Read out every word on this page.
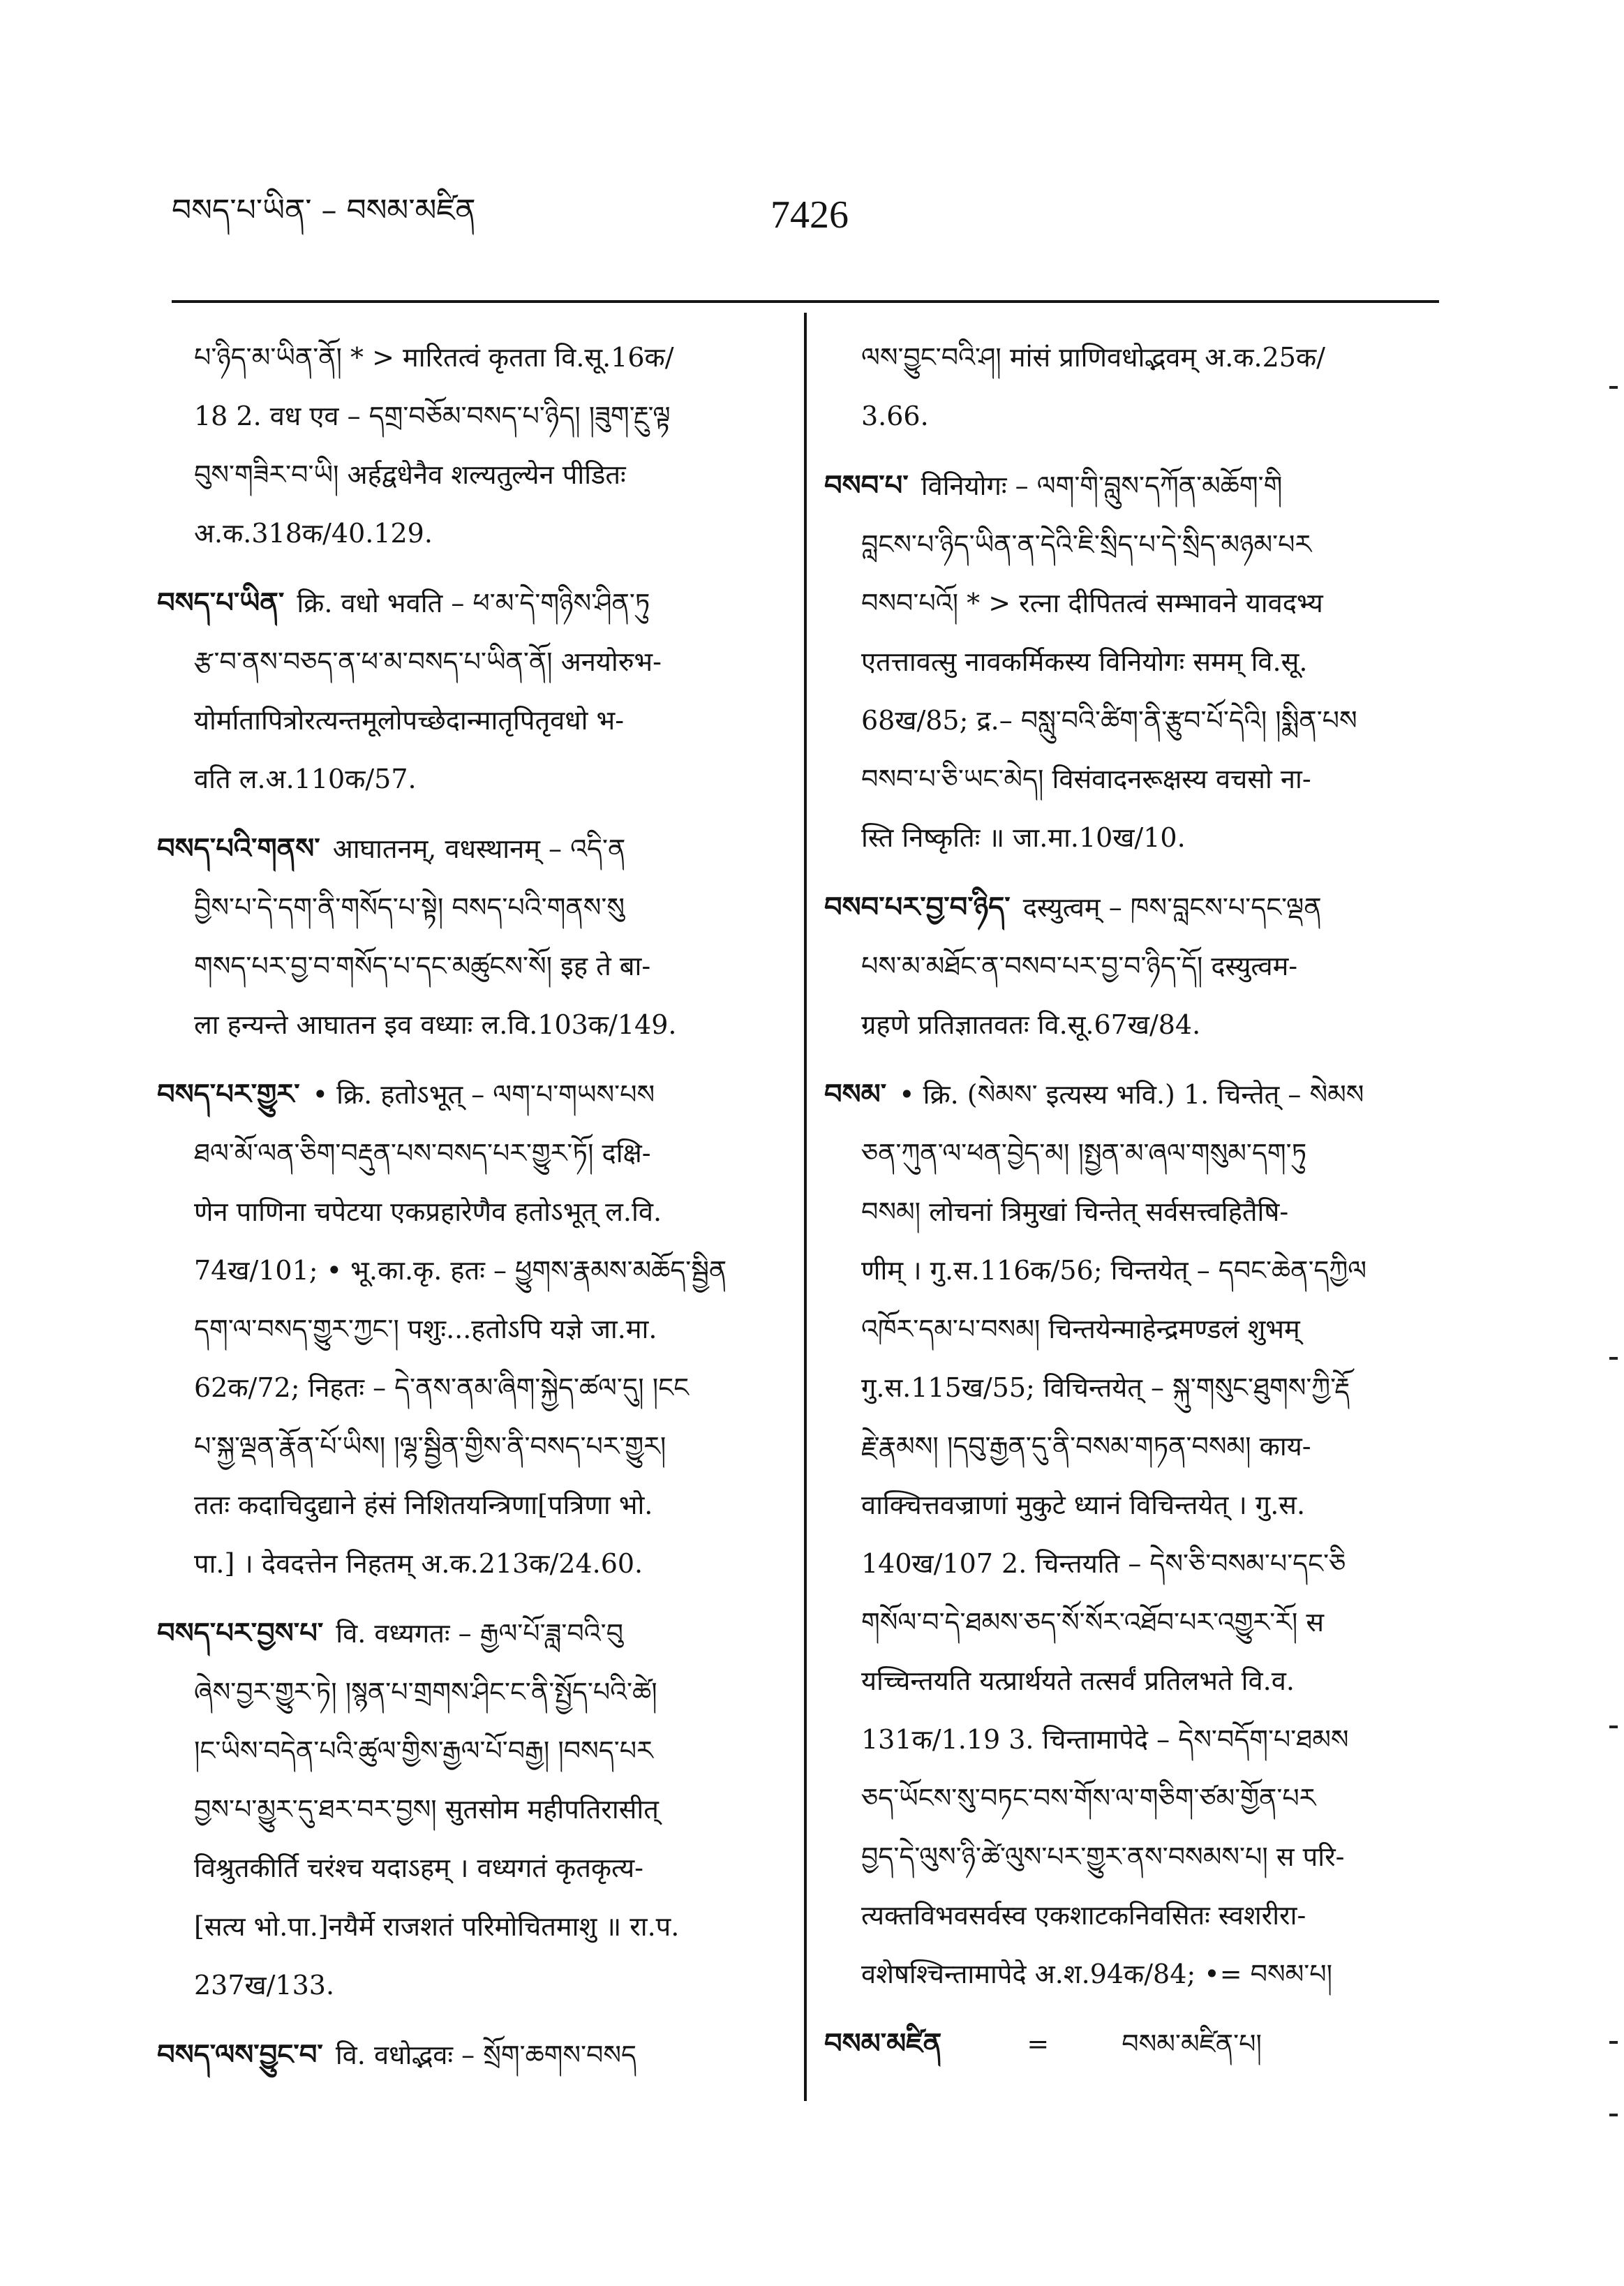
བསད་པ་ཡིན་ – བསམ་མཛིན	7426
པ་ཉིད་མ་ཡིན་ནོ། * > मारितत्वं कृतता वि.सू.16क/
18 2. वध एव – དགྲ་བཅོམ་བསད་པ་ཉིད། །ཟུག་རྔུ་ལྟ
བུས་གཟིར་བ་ཡི། अर्हद्वधेनैव शल्यतुल्येन पीडितः
अ.क.318क/40.129.
བསད་པ་ཡིན་ क्रि. वधो भवति – ཕ་མ་དེ་གཉིས་ཤིན་ཏུ
རྩ་བ་ནས་བཅད་ན་ཕ་མ་བསད་པ་ཡིན་ནོ། अनयोरुभ-
योर्मातापित्रोरत्यन्तमूलोपच्छेदान्मातृपितृवधो भ-
वति ल.अ.110क/57.
བསད་པའི་གནས་ आघातनम्, वधस्थानम् – འདི་ན
བྱིས་པ་དེ་དག་ནི་གསོད་པ་སྟེ། བསད་པའི་གནས་སུ
གསད་པར་བྱ་བ་གསོད་པ་དང་མཚུངས་སོ། इह ते बा-
ला हन्यन्ते आघातन इव वध्याः ल.वि.103क/149.
བསད་པར་གྱུར་ • क्रि. हतोऽभूत् – ལག་པ་གཡས་པས
ཐལ་མོ་ལན་ཅིག་བརྡུན་པས་བསད་པར་གྱུར་ཏོ། दक्षि-
णेन पाणिना चपेटया एकप्रहारेणैव हतोऽभूत् ल.वि.
74ख/101; • भू.का.कृ. हतः – ཕྱུགས་རྣམས་མཆོད་སྦྱིན
དག་ལ་བསད་གྱུར་ཀྱང་། पशुः...हतोऽपि यज्ञे जा.मा.
62क/72; निहतः – དེ་ནས་ནམ་ཞིག་སྐྱེད་ཚལ་དུ། །ངང
པ་སྐྱ་ལྡན་རྣོན་པོ་ཡིས། །ལྷ་སྦྱིན་གྱིས་ནི་བསད་པར་གྱུར།
ततः कदाचिदुद्याने हंसं निशितयन्त्रिणा[पत्रिणा भो.
पा.] । देवदत्तेन निहतम् अ.क.213क/24.60.
བསད་པར་བྱས་པ་ वि. वध्यगतः – རྒྱལ་པོ་ཟླ་བའི་བུ
ཞེས་བྱར་གྱུར་ཏེ། །སྙན་པ་གྲགས་ཤིང་ང་ནི་སྤྱོད་པའི་ཚེ།
།ང་ཡིས་བདེན་པའི་ཚུལ་གྱིས་རྒྱལ་པོ་བརྒྱ། །བསད་པར
བྱས་པ་མྱུར་དུ་ཐར་བར་བྱས། सुतसोम महीपतिरासीत्
विश्रुतकीर्ति चरंश्च यदाऽहम् । वध्यगतं कृतकृत्य-
[सत्य भो.पा.]नयैर्मे राजशतं परिमोचितमाशु ॥ रा.प.
237ख/133.
བསད་ལས་བྱུང་བ་ वि. वधोद्भवः – སྲོག་ཆགས་བསད
ལས་བྱུང་བའི་ཤ། मांसं प्राणिवधोद्भवम् अ.क.25क/
3.66.
བསབ་པ་ विनियोगः – ལག་གི་བླུས་དཀོན་མཆོག་གི
བླངས་པ་ཉིད་ཡིན་ན་དེའི་ཇི་སྲིད་པ་དེ་སྲིད་མཉམ་པར
བསབ་པའོ། * > रत्ना दीपितत्वं सम्भावने यावदभ्य
एतत्तावत्सु नावकर्मिकस्य विनियोगः समम् वि.सू.
68ख/85; द्र.– བསླུ་བའི་ཚིག་ནི་རྩུབ་པོ་དེའི། །སྨིན་པས
བསབ་པ་ཅི་ཡང་མེད། विसंवादनरूक्षस्य वचसो ना-
स्ति निष्कृतिः ॥ जा.मा.10ख/10.
བསབ་པར་བྱ་བ་ཉིད་ दस्युत्वम् – ཁས་བླངས་པ་དང་ལྡན
པས་མ་མཐོང་ན་བསབ་པར་བྱ་བ་ཉིད་དོ། दस्युत्वम-
ग्रहणे प्रतिज्ञातवतः वि.सू.67ख/84.
བསམ་ • क्रि. (སེམས་ इत्यस्य भवि.) 1. चिन्तेत् – སེམས
ཅན་ཀུན་ལ་ཕན་བྱེད་མ། །སྤྱན་མ་ཞལ་གསུམ་དག་ཏུ
བསམ། लोचनां त्रिमुखां चिन्तेत् सर्वसत्त्वहितैषि-
णीम् । गु.स.116क/56; चिन्तयेत् – དབང་ཆེན་དཀྱིལ
འཁོར་དམ་པ་བསམ། चिन्तयेन्माहेन्द्रमण्डलं शुभम्
गु.स.115ख/55; विचिन्तयेत् – སྐུ་གསུང་ཐུགས་ཀྱི་རྡོ
རྗེ་རྣམས། །དབུ་རྒྱན་དུ་ནི་བསམ་གཏན་བསམ། काय-
वाक्चित्तवज्राणां मुकुटे ध्यानं विचिन्तयेत् । गु.स.
140ख/107 2. चिन्तयति – དེས་ཅི་བསམ་པ་དང་ཅི
གསོལ་བ་དེ་ཐམས་ཅད་སོ་སོར་འཐོབ་པར་འགྱུར་རོ། स
यच्चिन्तयति यत्प्रार्थयते तत्सर्वं प्रतिलभते वि.व.
131क/1.19 3. चिन्तामापेदे – དེས་བདོག་པ་ཐམས
ཅད་ཡོངས་སུ་བཏང་བས་གོས་ལ་གཅིག་ཙམ་གྱོན་པར
བྱད་དེ་ལུས་ཉི་ཚེ་ལུས་པར་གྱུར་ནས་བསམས་པ། स परि-
त्यक्तविभवसर्वस्व एकशाटकनिवसितः स्वशरीरा-
वशेषश्चिन्तामापेदे अ.श.94क/84; •= བསམ་པ།
བསམ་མཛིན	=	བསམ་མཛིན་པ།
